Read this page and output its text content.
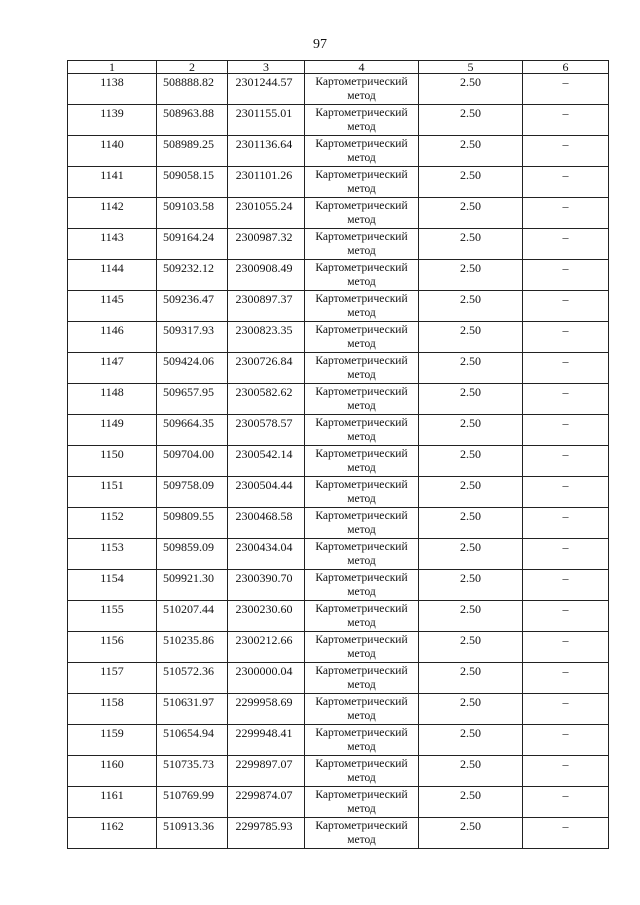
97
1	2	3	4	5	6
1138	508888.82	2301244.57	Картометрический метод	2.50	–
1139	508963.88	2301155.01	Картометрический метод	2.50	–
1140	508989.25	2301136.64	Картометрический метод	2.50	–
1141	509058.15	2301101.26	Картометрический метод	2.50	–
1142	509103.58	2301055.24	Картометрический метод	2.50	–
1143	509164.24	2300987.32	Картометрический метод	2.50	–
1144	509232.12	2300908.49	Картометрический метод	2.50	–
1145	509236.47	2300897.37	Картометрический метод	2.50	–
1146	509317.93	2300823.35	Картометрический метод	2.50	–
1147	509424.06	2300726.84	Картометрический метод	2.50	–
1148	509657.95	2300582.62	Картометрический метод	2.50	–
1149	509664.35	2300578.57	Картометрический метод	2.50	–
1150	509704.00	2300542.14	Картометрический метод	2.50	–
1151	509758.09	2300504.44	Картометрический метод	2.50	–
1152	509809.55	2300468.58	Картометрический метод	2.50	–
1153	509859.09	2300434.04	Картометрический метод	2.50	–
1154	509921.30	2300390.70	Картометрический метод	2.50	–
1155	510207.44	2300230.60	Картометрический метод	2.50	–
1156	510235.86	2300212.66	Картометрический метод	2.50	–
1157	510572.36	2300000.04	Картометрический метод	2.50	–
1158	510631.97	2299958.69	Картометрический метод	2.50	–
1159	510654.94	2299948.41	Картометрический метод	2.50	–
1160	510735.73	2299897.07	Картометрический метод	2.50	–
1161	510769.99	2299874.07	Картометрический метод	2.50	–
1162	510913.36	2299785.93	Картометрический метод	2.50	–
